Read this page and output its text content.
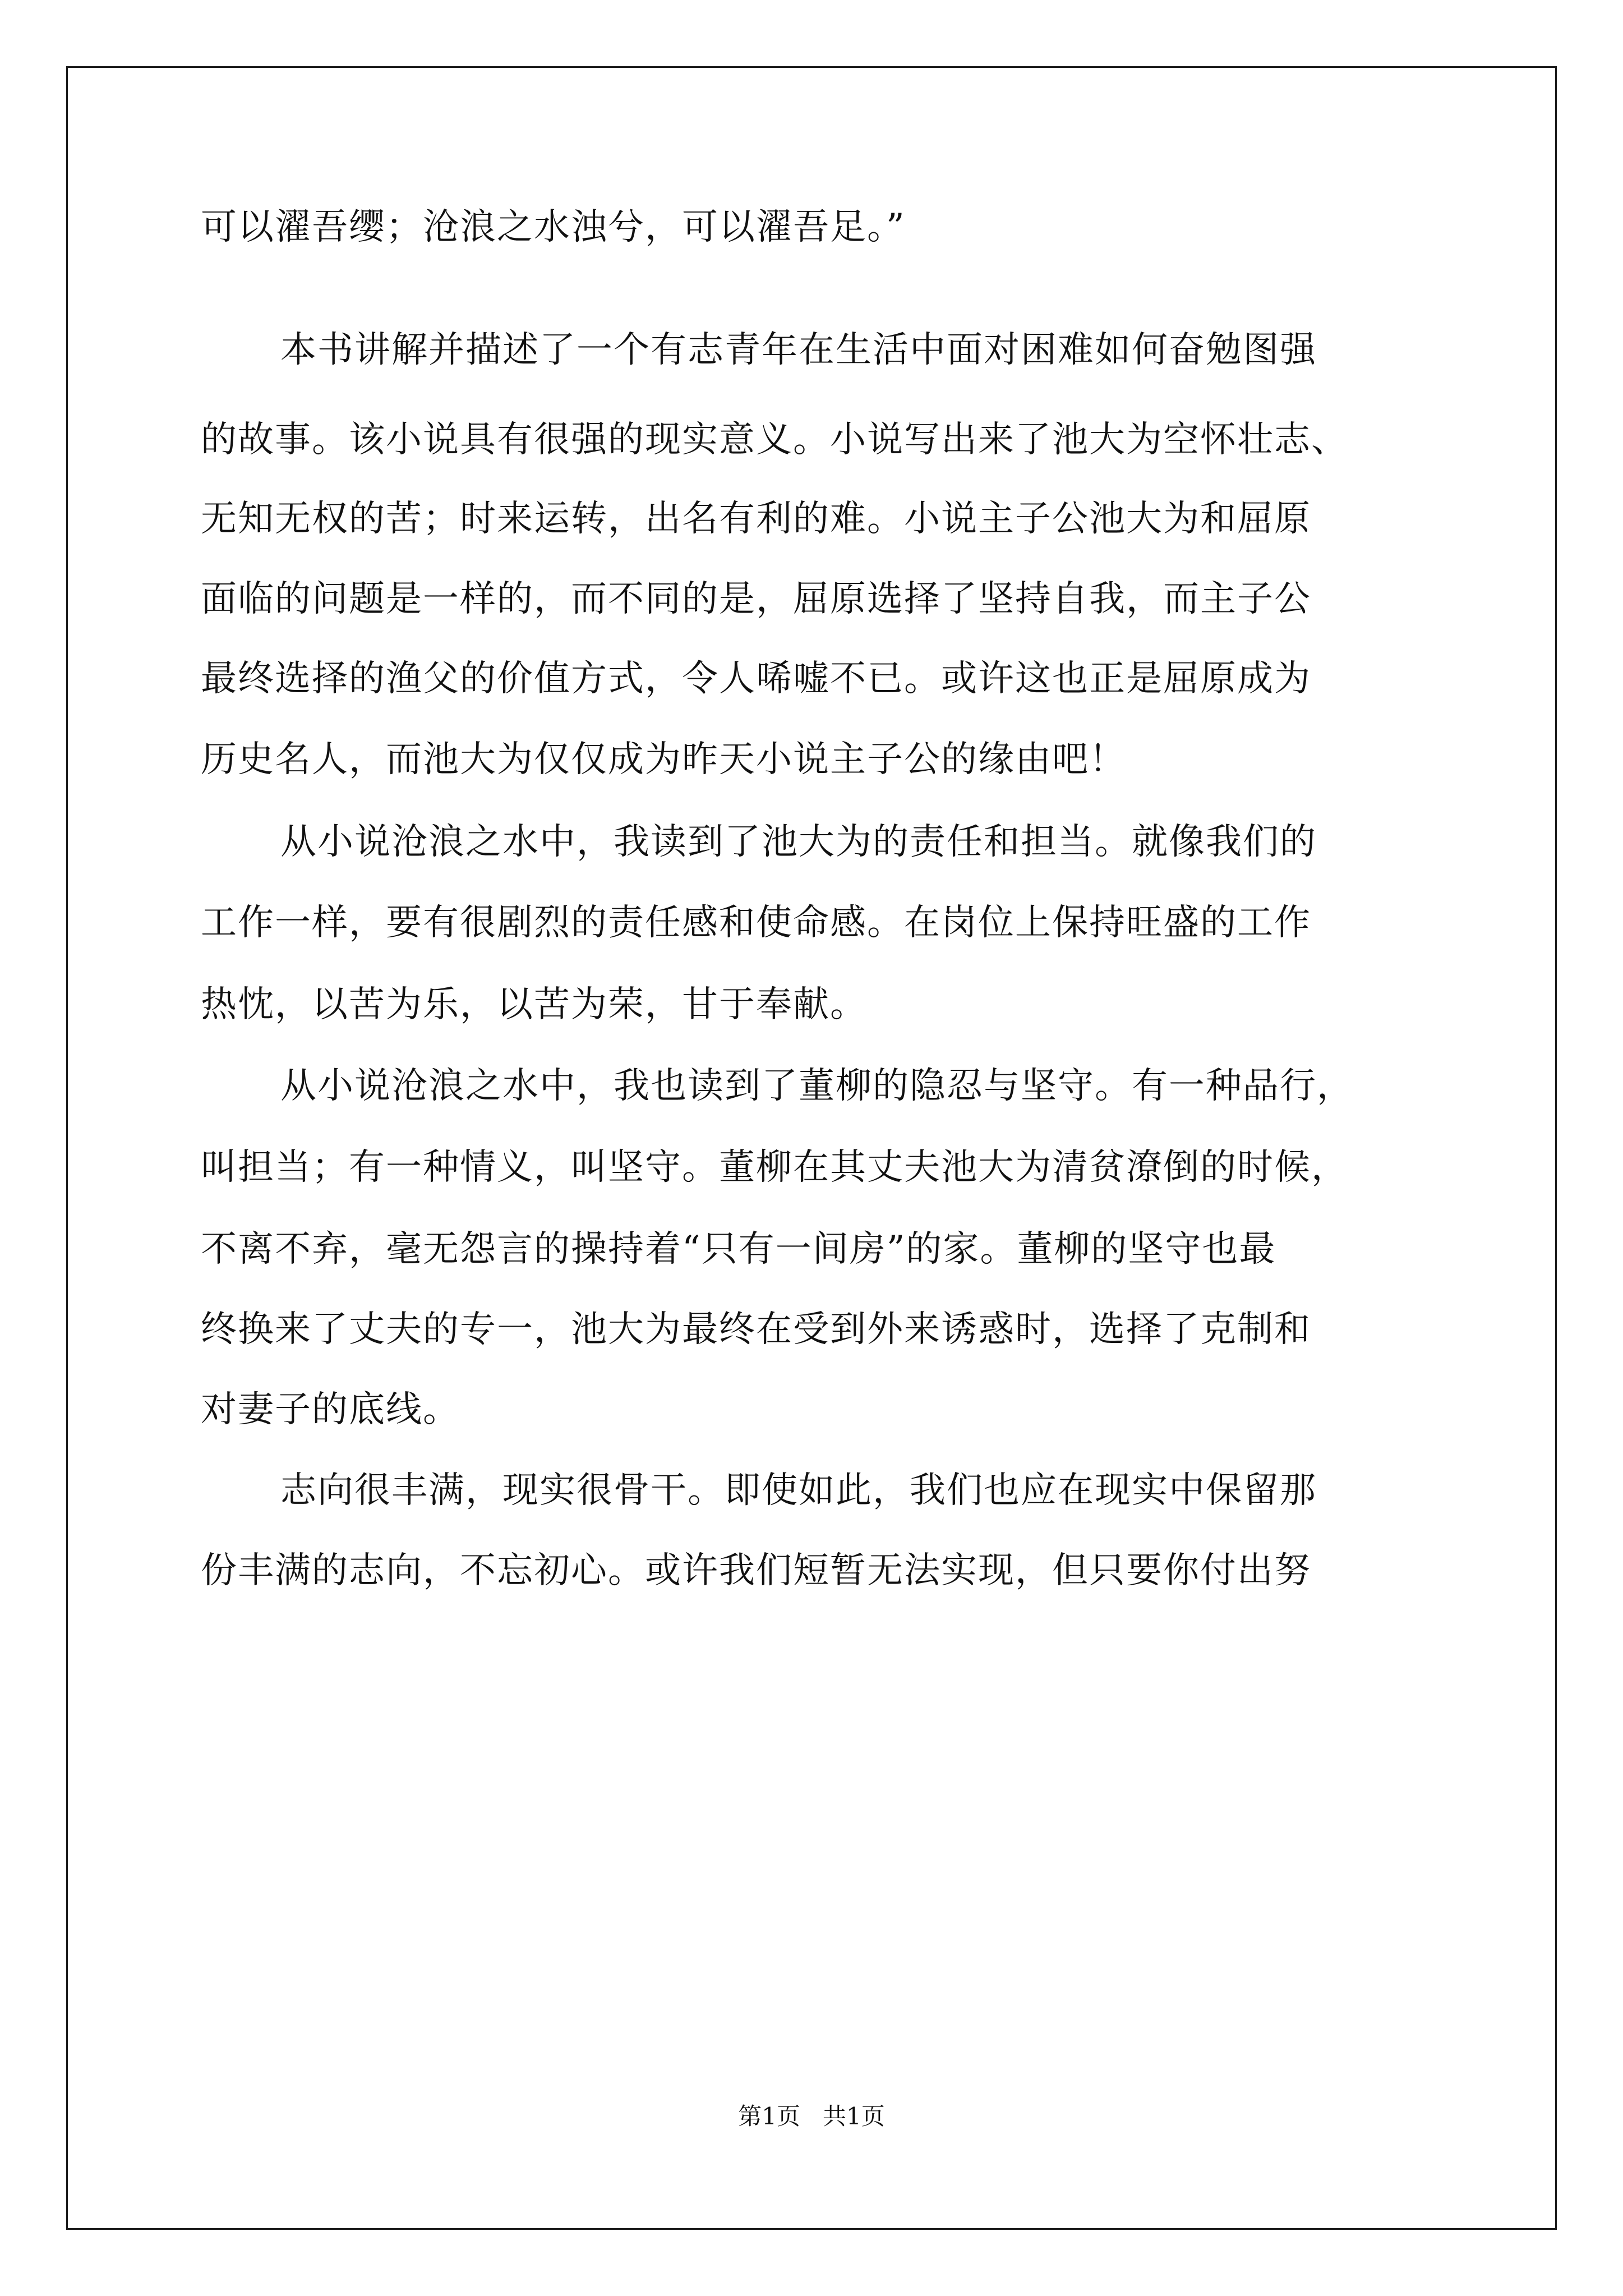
可以濯吾缨；沧浪之水浊兮，可以濯吾足。”
本书讲解并描述了一个有志青年在生活中面对困难如何奋勉图强
的故事。该小说具有很强的现实意义。小说写出来了池大为空怀壮志、
无知无权的苦；时来运转，出名有利的难。小说主子公池大为和屈原
面临的问题是一样的，而不同的是，屈原选择了坚持自我，而主子公
最终选择的渔父的价值方式，令人唏嘘不已。或许这也正是屈原成为
历史名人，而池大为仅仅成为昨天小说主子公的缘由吧！
从小说沧浪之水中，我读到了池大为的责任和担当。就像我们的
工作一样，要有很剧烈的责任感和使命感。在岗位上保持旺盛的工作
热忱，以苦为乐，以苦为荣，甘于奉献。
从小说沧浪之水中，我也读到了董柳的隐忍与坚守。有一种品行，
叫担当；有一种情义，叫坚守。董柳在其丈夫池大为清贫潦倒的时候，
不离不弃，毫无怨言的操持着“只有一间房”的家。董柳的坚守也最
终换来了丈夫的专一，池大为最终在受到外来诱惑时，选择了克制和
对妻子的底线。
志向很丰满，现实很骨干。即使如此，我们也应在现实中保留那
份丰满的志向，不忘初心。或许我们短暂无法实现，但只要你付出努
第1页   共1页
